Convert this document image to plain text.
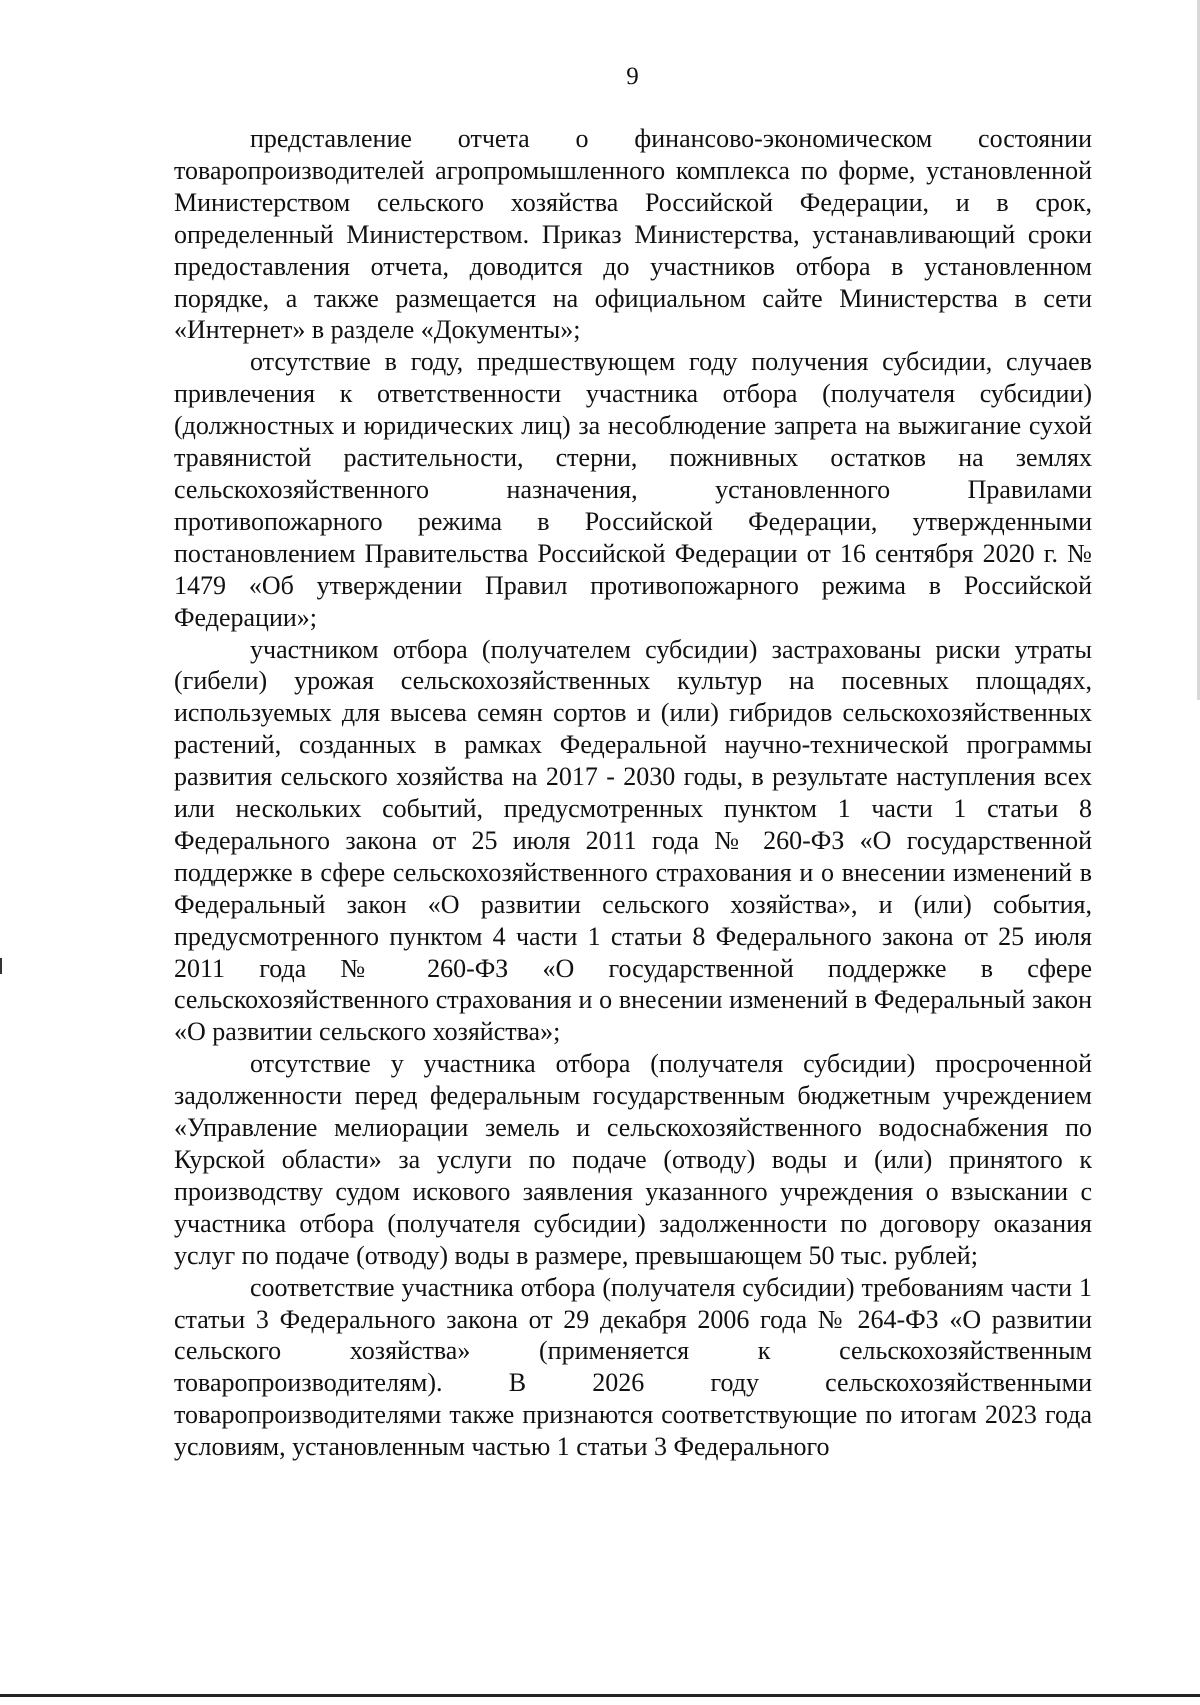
9

представление отчета о финансово-экономическом состоянии товаропроизводителей агропромышленного комплекса по форме, установленной Министерством сельского хозяйства Российской Федерации, и в срок, определенный Министерством. Приказ Министерства, устанавливающий сроки предоставления отчета, доводится до участников отбора в установленном порядке, а также размещается на официальном сайте Министерства в сети «Интернет» в разделе «Документы»;

отсутствие в году, предшествующем году получения субсидии, случаев привлечения к ответственности участника отбора (получателя субсидии) (должностных и юридических лиц) за несоблюдение запрета на выжигание сухой травянистой растительности, стерни, пожнивных остатков на землях сельскохозяйственного назначения, установленного Правилами противопожарного режима в Российской Федерации, утвержденными постановлением Правительства Российской Федерации от 16 сентября 2020 г. № 1479 «Об утверждении Правил противопожарного режима в Российской Федерации»;

участником отбора (получателем субсидии) застрахованы риски утраты (гибели) урожая сельскохозяйственных культур на посевных площадях, используемых для высева семян сортов и (или) гибридов сельскохозяйственных растений, созданных в рамках Федеральной научно-технической программы развития сельского хозяйства на 2017 - 2030 годы, в результате наступления всех или нескольких событий, предусмотренных пунктом 1 части 1 статьи 8 Федерального закона от 25 июля 2011 года № 260-ФЗ «О государственной поддержке в сфере сельскохозяйственного страхования и о внесении изменений в Федеральный закон «О развитии сельского хозяйства», и (или) события, предусмотренного пунктом 4 части 1 статьи 8 Федерального закона от 25 июля 2011 года № 260-ФЗ «О государственной поддержке в сфере сельскохозяйственного страхования и о внесении изменений в Федеральный закон «О развитии сельского хозяйства»;

отсутствие у участника отбора (получателя субсидии) просроченной задолженности перед федеральным государственным бюджетным учреждением «Управление мелиорации земель и сельскохозяйственного водоснабжения по Курской области» за услуги по подаче (отводу) воды и (или) принятого к производству судом искового заявления указанного учреждения о взыскании с участника отбора (получателя субсидии) задолженности по договору оказания услуг по подаче (отводу) воды в размере, превышающем 50 тыс. рублей;

соответствие участника отбора (получателя субсидии) требованиям части 1 статьи 3 Федерального закона от 29 декабря 2006 года № 264-ФЗ «О развитии сельского хозяйства» (применяется к сельскохозяйственным товаропроизводителям). В 2026 году сельскохозяйственными товаропроизводителями также признаются соответствующие по итогам 2023 года условиям, установленным частью 1 статьи 3 Федерального
